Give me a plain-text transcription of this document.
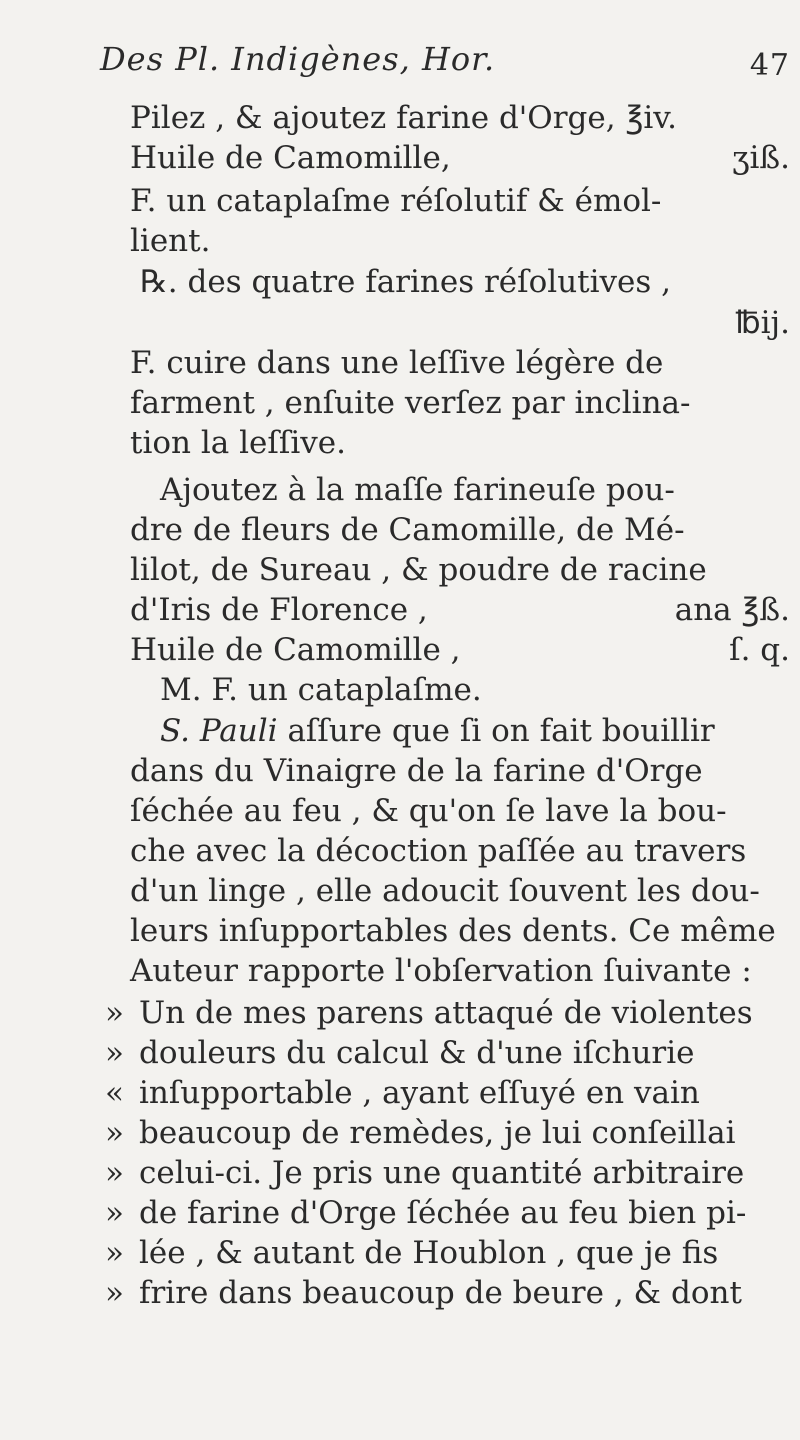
Des Pl. Indigènes, Hor.	47
Pilez , & ajoutez farine d'Orge, ℥iv.
Huile de Camomille,	ʒiß.
F. un cataplaſme réſolutif & émol-
lient.
℞. des quatre farines réſolutives ,
℔ij.
F. cuire dans une leſſive légère de
farment , enſuite verſez par inclina-
tion la leſſive.
Ajoutez à la maſſe farineuſe pou-
dre de fleurs de Camomille, de Mé-
lilot, de Sureau , & poudre de racine
d'Iris de Florence ,	ana ℥ß.
Huile de Camomille ,	ſ. q.
M. F. un cataplaſme.
S. Pauli aſſure que ſi on fait bouillir
dans du Vinaigre de la farine d'Orge
ſéchée au feu , & qu'on ſe lave la bou-
che avec la décoction paſſée au travers
d'un linge , elle adoucit ſouvent les dou-
leurs inſupportables des dents. Ce même
Auteur rapporte l'obſervation ſuivante :
» Un de mes parens attaqué de violentes
» douleurs du calcul & d'une iſchurie
« inſupportable , ayant eſſuyé en vain
» beaucoup de remèdes, je lui conſeillai
» celui-ci. Je pris une quantité arbitraire
» de farine d'Orge ſéchée au feu bien pi-
» lée , & autant de Houblon , que je fis
» frire dans beaucoup de beure , & dont
